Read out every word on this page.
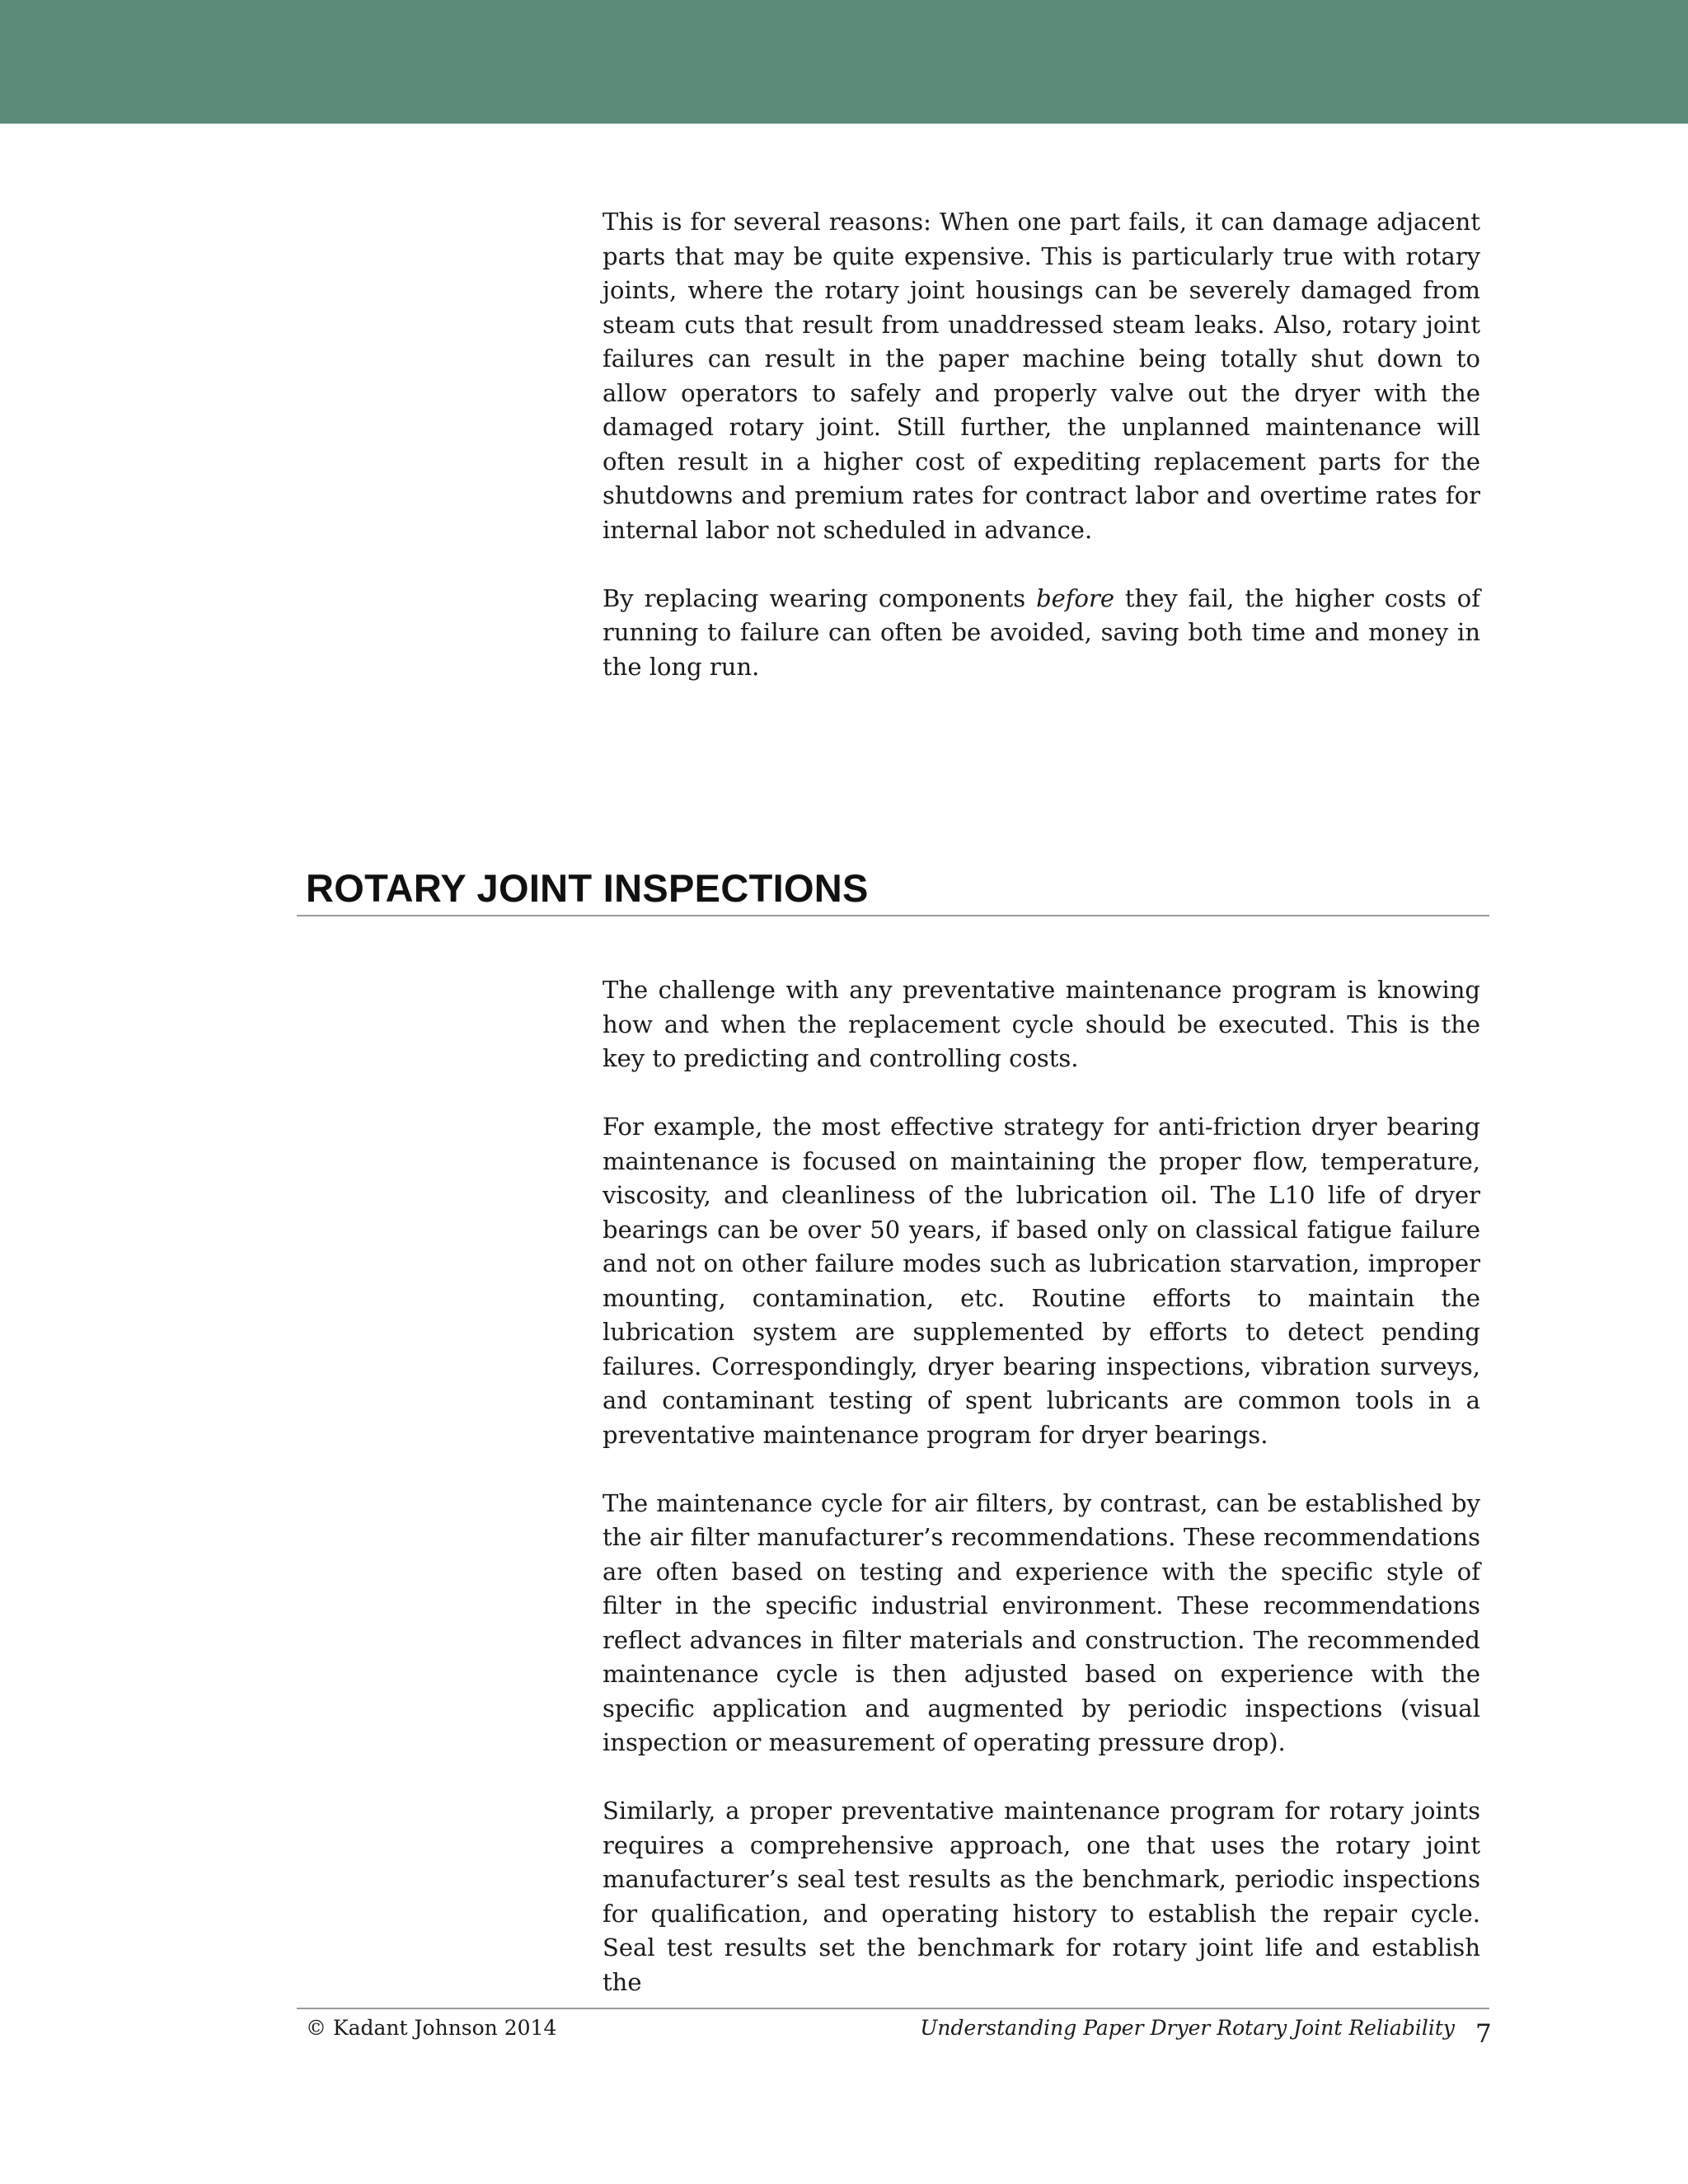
This is for several reasons: When one part fails, it can damage adjacent parts that may be quite expensive. This is particularly true with rotary joints, where the rotary joint housings can be severely damaged from steam cuts that result from unaddressed steam leaks. Also, rotary joint failures can result in the paper machine being totally shut down to allow operators to safely and properly valve out the dryer with the damaged rotary joint. Still further, the unplanned maintenance will often result in a higher cost of expediting replacement parts for the shutdowns and premium rates for contract labor and overtime rates for internal labor not scheduled in advance.

By replacing wearing components before they fail, the higher costs of running to failure can often be avoided, saving both time and money in the long run.

ROTARY JOINT INSPECTIONS

The challenge with any preventative maintenance program is knowing how and when the replacement cycle should be executed. This is the key to predicting and controlling costs.

For example, the most effective strategy for anti-friction dryer bearing maintenance is focused on maintaining the proper flow, temperature, viscosity, and cleanliness of the lubrication oil. The L10 life of dryer bearings can be over 50 years, if based only on classical fatigue failure and not on other failure modes such as lubrication starvation, improper mounting, contamination, etc. Routine efforts to maintain the lubrication system are supplemented by efforts to detect pending failures. Correspondingly, dryer bearing inspections, vibration surveys, and contaminant testing of spent lubricants are common tools in a preventative maintenance program for dryer bearings.

The maintenance cycle for air filters, by contrast, can be established by the air filter manufacturer’s recommendations. These recommendations are often based on testing and experience with the specific style of filter in the specific industrial environment. These recommendations reflect advances in filter materials and construction. The recommended maintenance cycle is then adjusted based on experience with the specific application and augmented by periodic inspections (visual inspection or measurement of operating pressure drop).

Similarly, a proper preventative maintenance program for rotary joints requires a comprehensive approach, one that uses the rotary joint manufacturer’s seal test results as the benchmark, periodic inspections for qualification, and operating history to establish the repair cycle. Seal test results set the benchmark for rotary joint life and establish the

© Kadant Johnson 2014	Understanding Paper Dryer Rotary Joint Reliability 7
